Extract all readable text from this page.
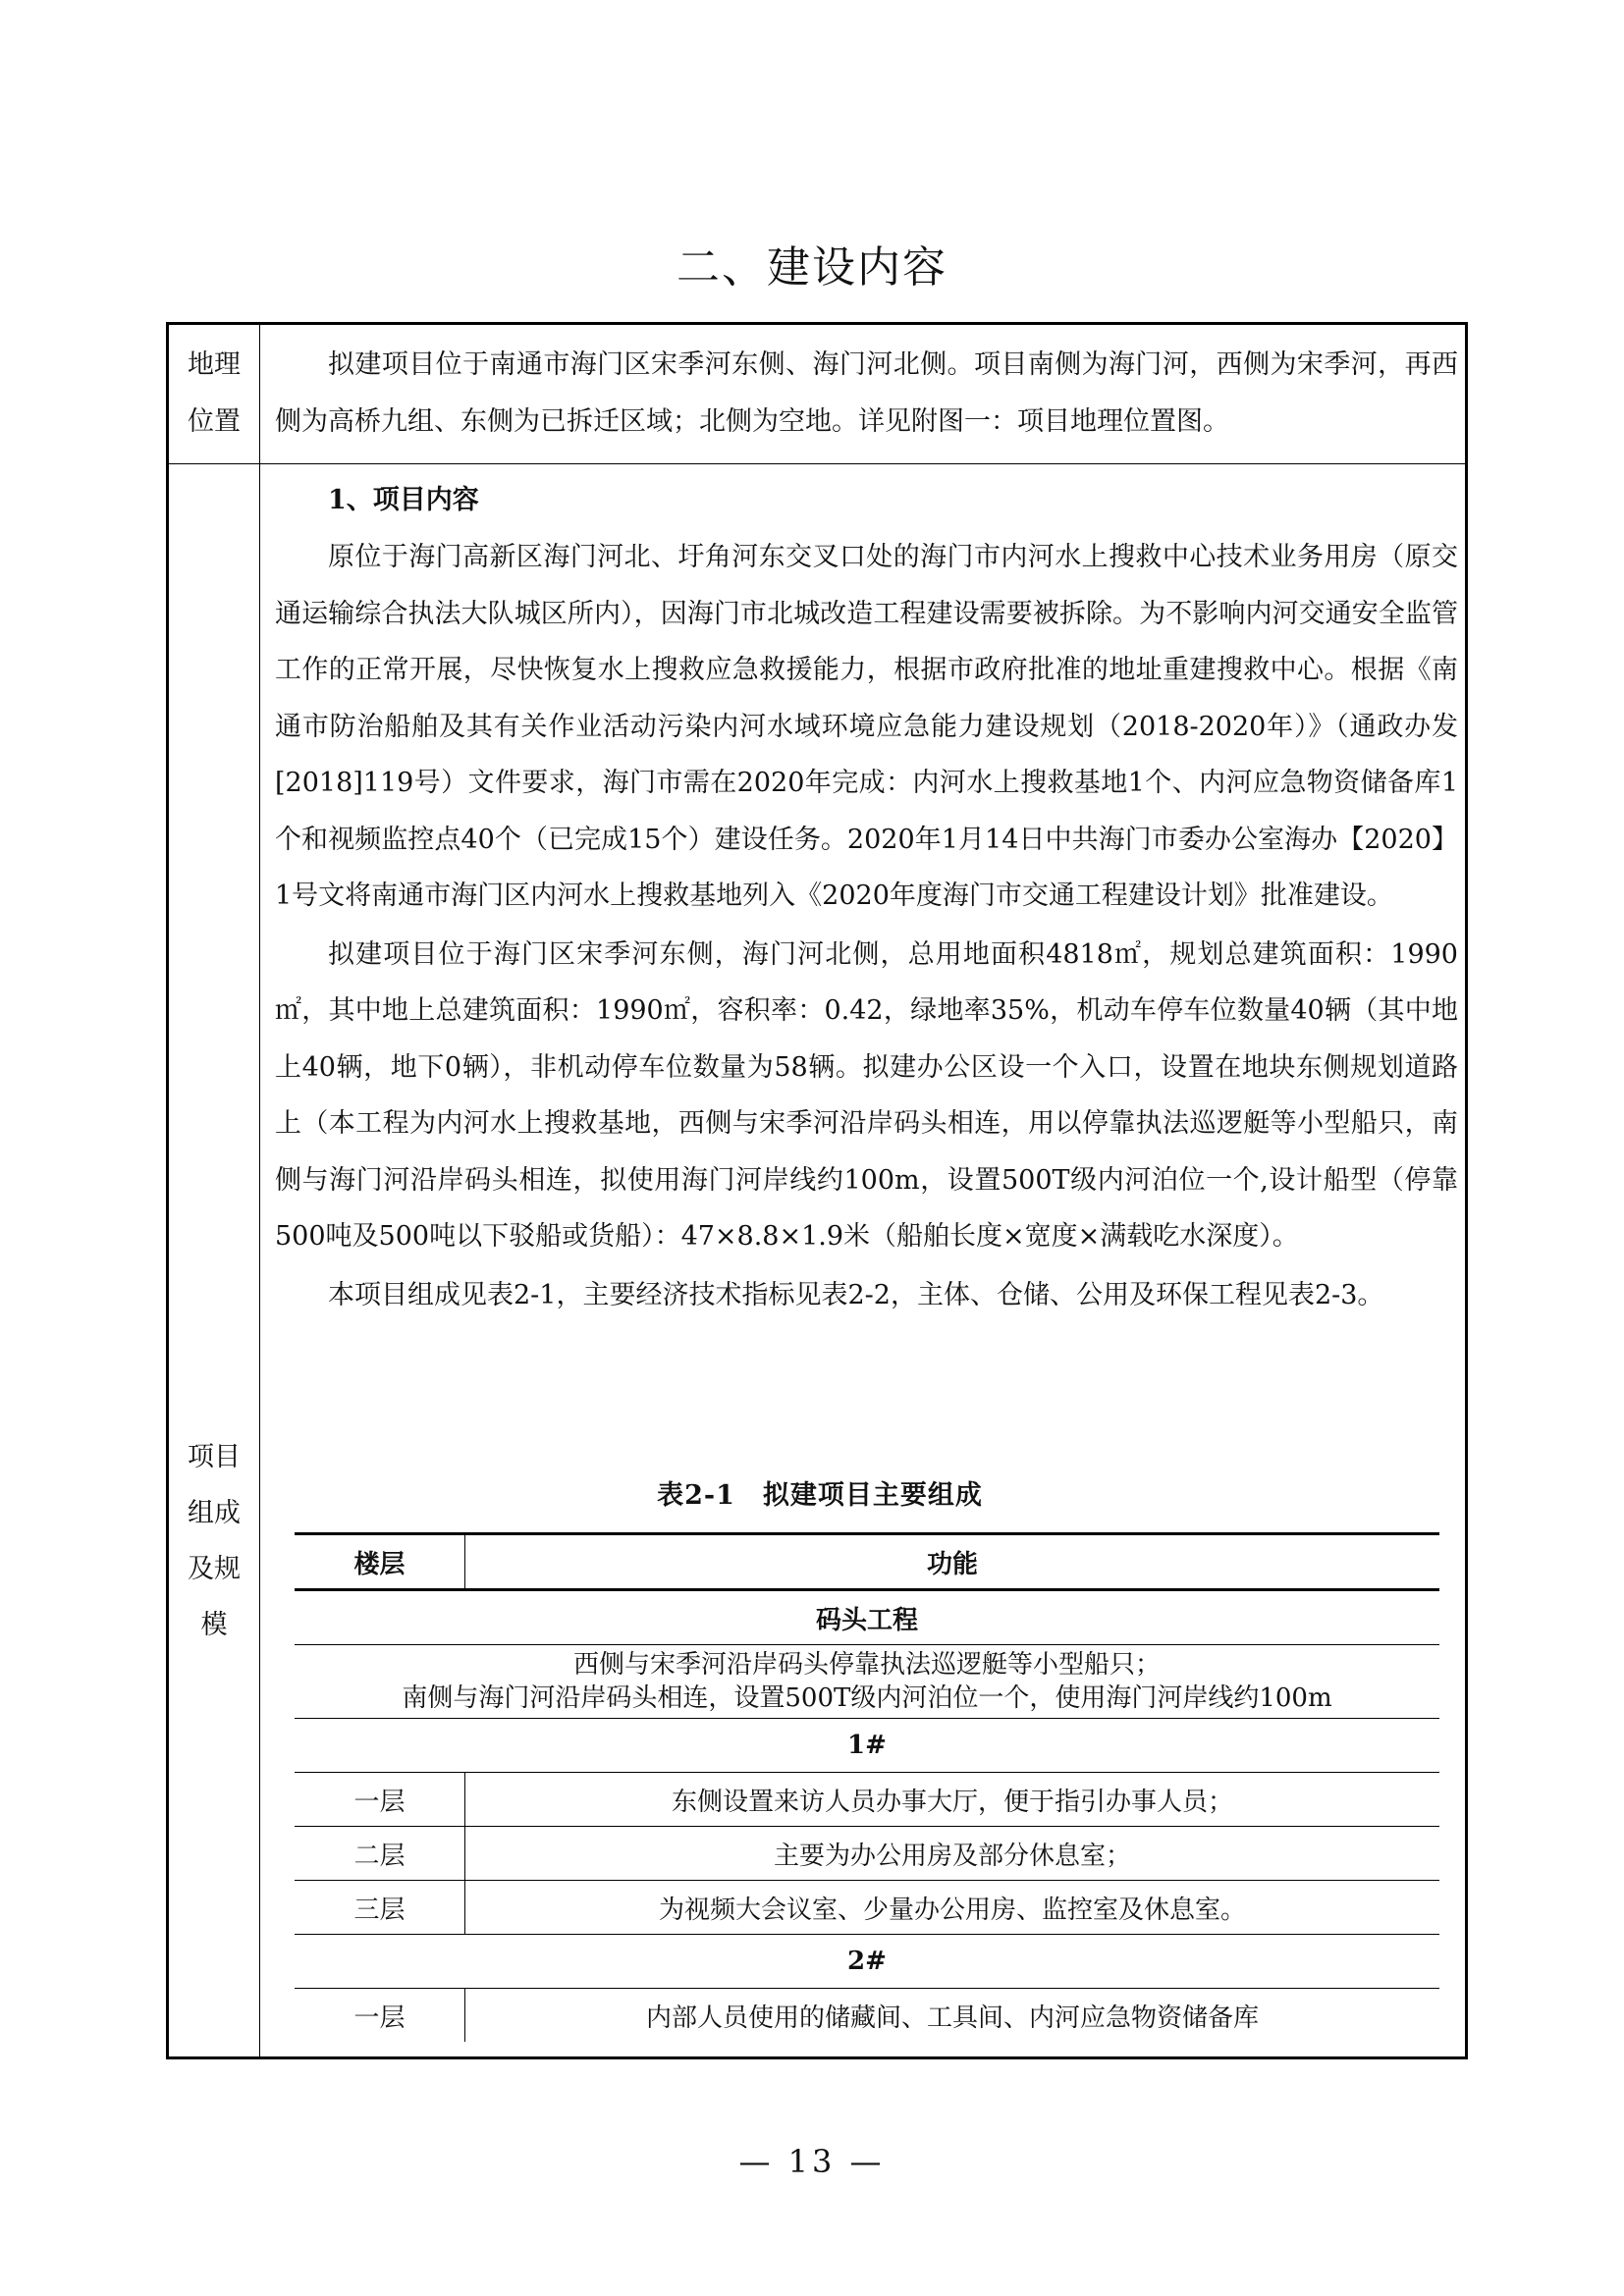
二、建设内容
地理
位置

拟建项目位于南通市海门区宋季河东侧、海门河北侧。项目南侧为海门河，西侧为宋季河，再西侧为高桥九组、东侧为已拆迁区域；北侧为空地。详见附图一：项目地理位置图。

项目
组成
及规
模

1、项目内容

原位于海门高新区海门河北、圩角河东交叉口处的海门市内河水上搜救中心技术业务用房（原交通运输综合执法大队城区所内），因海门市北城改造工程建设需要被拆除。为不影响内河交通安全监管工作的正常开展，尽快恢复水上搜救应急救援能力，根据市政府批准的地址重建搜救中心。根据《南通市防治船舶及其有关作业活动污染内河水域环境应急能力建设规划（2018-2020年）》（通政办发[2018]119号）文件要求，海门市需在2020年完成：内河水上搜救基地1个、内河应急物资储备库1个和视频监控点40个（已完成15个）建设任务。2020年1月14日中共海门市委办公室海办【2020】1号文将南通市海门区内河水上搜救基地列入《2020年度海门市交通工程建设计划》批准建设。

拟建项目位于海门区宋季河东侧，海门河北侧，总用地面积4818㎡，规划总建筑面积：1990㎡，其中地上总建筑面积：1990㎡，容积率：0.42，绿地率35%，机动车停车位数量40辆（其中地上40辆，地下0辆），非机动停车位数量为58辆。拟建办公区设一个入口，设置在地块东侧规划道路上（本工程为内河水上搜救基地，西侧与宋季河沿岸码头相连，用以停靠执法巡逻艇等小型船只，南侧与海门河沿岸码头相连，拟使用海门河岸线约100m，设置500T级内河泊位一个,设计船型（停靠500吨及500吨以下驳船或货船）：47×8.8×1.9米（船舶长度×宽度×满载吃水深度）。

本项目组成见表2-1，主要经济技术指标见表2-2，主体、仓储、公用及环保工程见表2-3。

表2-1　拟建项目主要组成

楼层	功能
码头工程	

西侧与宋季河沿岸码头停靠执法巡逻艇等小型船只；
南侧与海门河沿岸码头相连，设置500T级内河泊位一个，使用海门河岸线约100m	

1#	
一层	东侧设置来访人员办事大厅，便于指引办事人员；
二层	主要为办公用房及部分休息室；
三层	为视频大会议室、少量办公用房、监控室及休息室。
2#	
一层	内部人员使用的储藏间、工具间、内河应急物资储备库
— 13 —
